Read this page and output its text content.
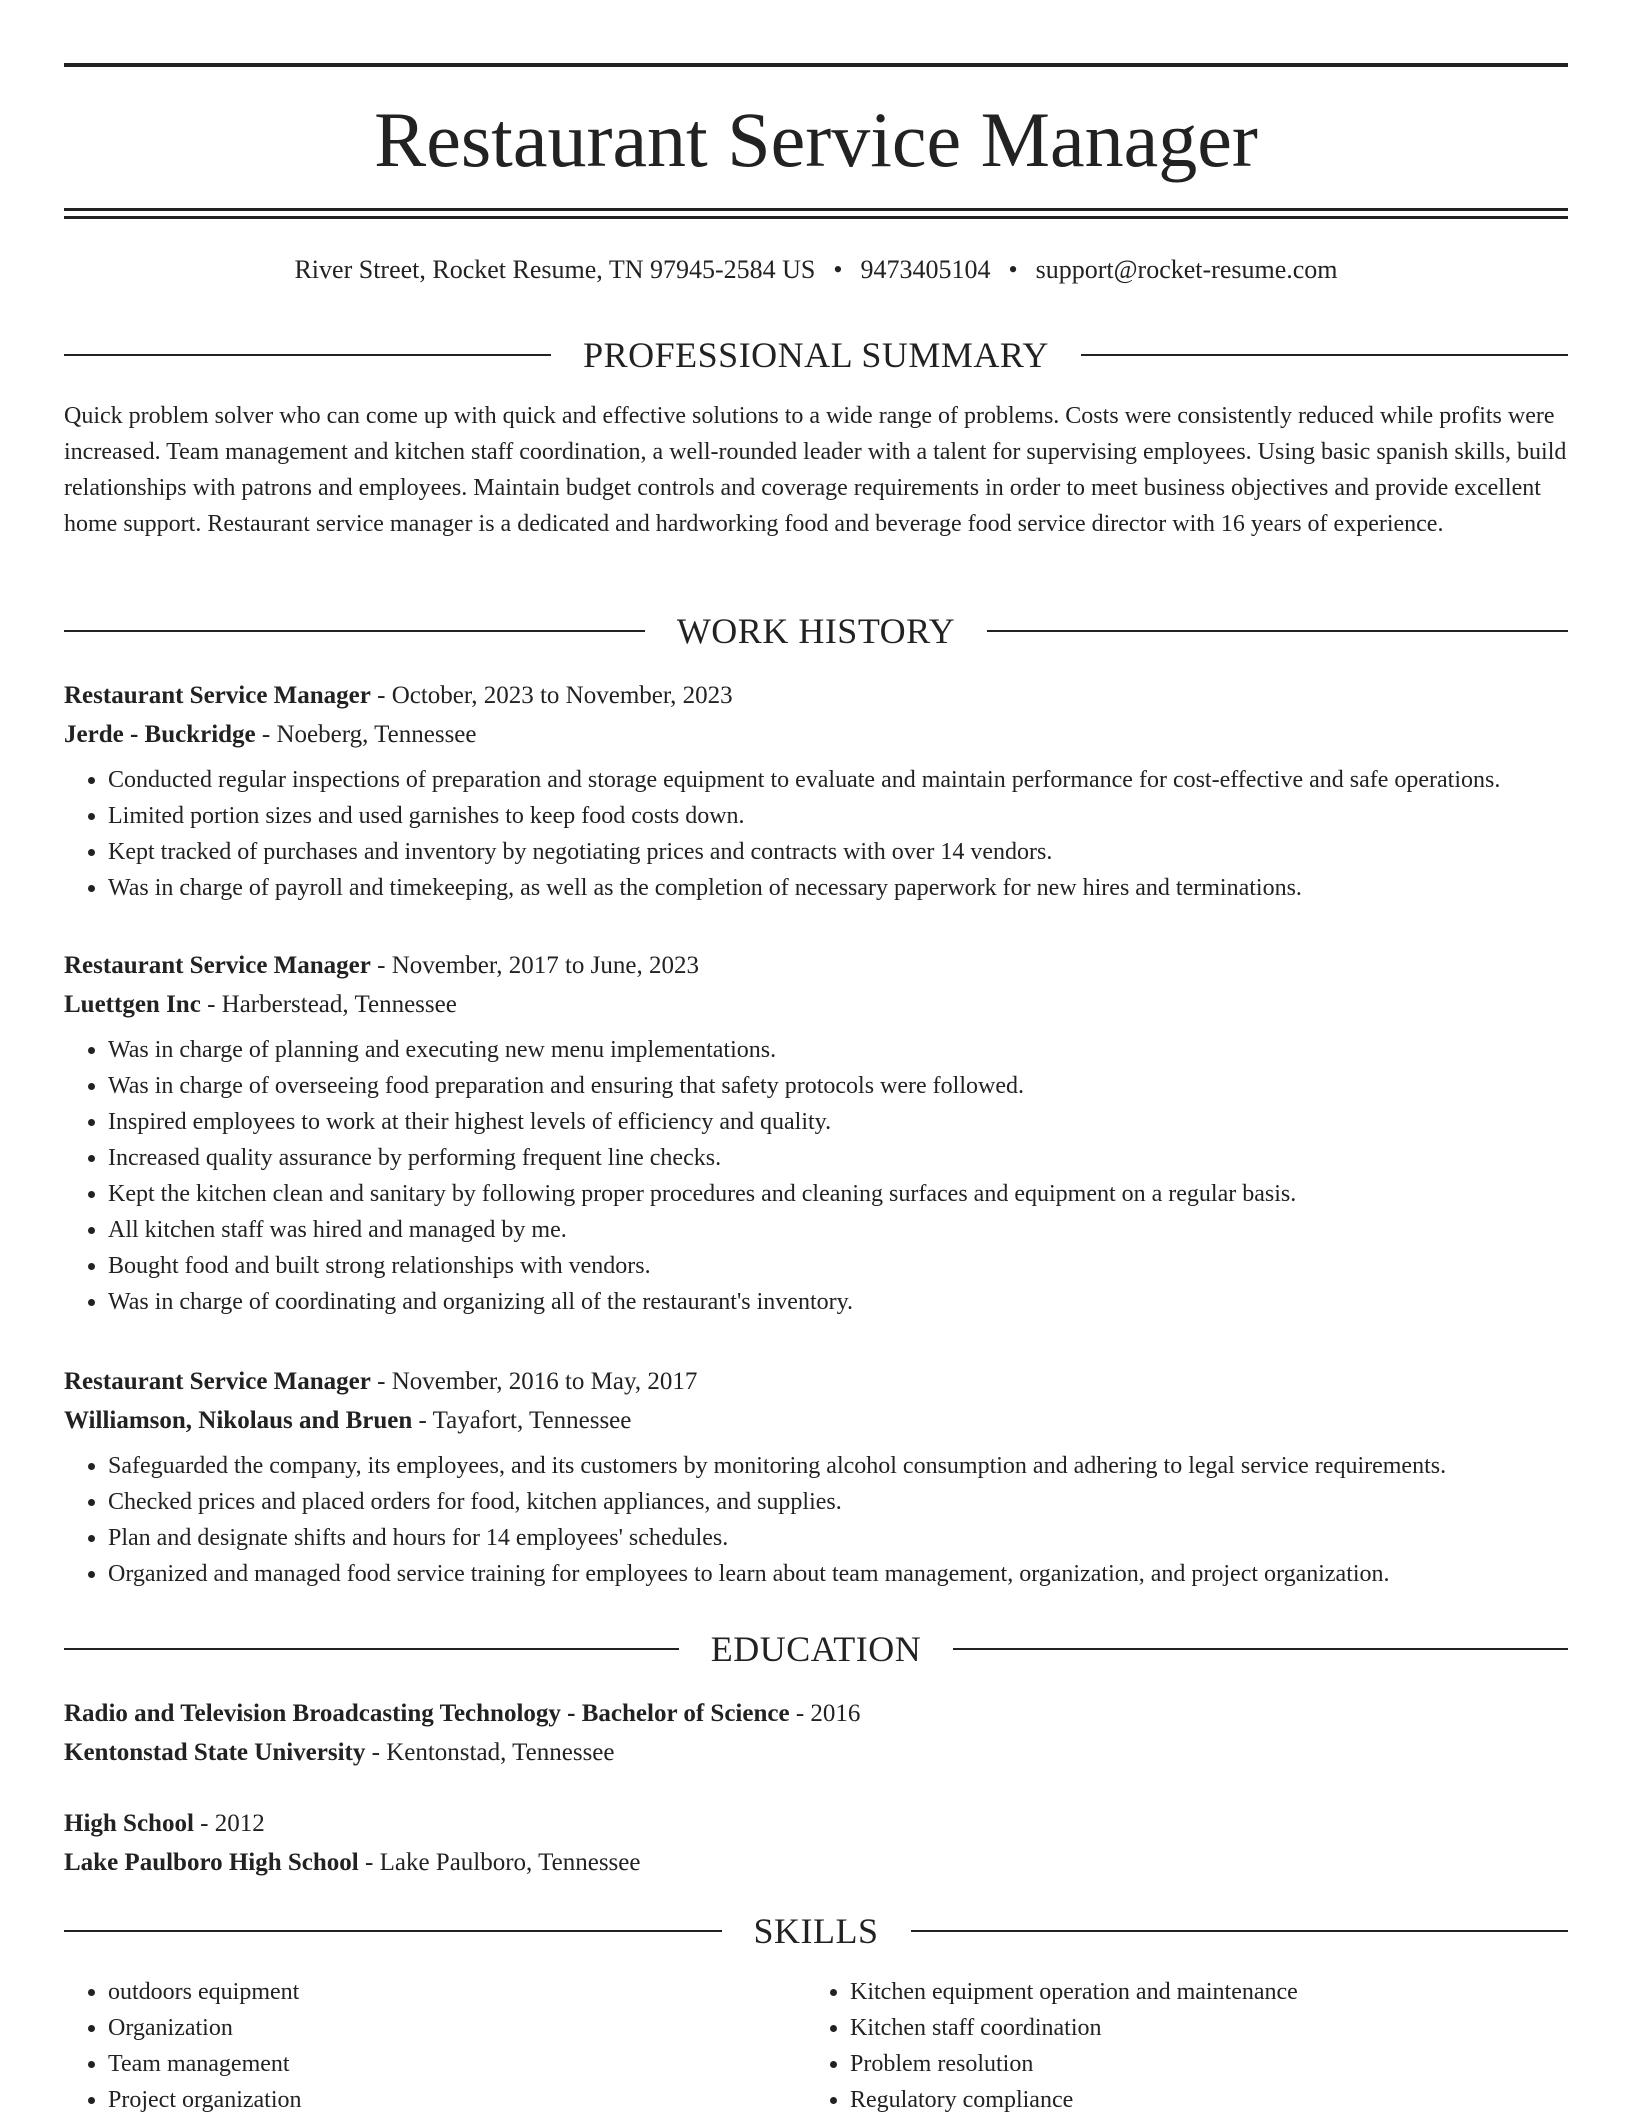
Restaurant Service Manager
River Street, Rocket Resume, TN 97945-2584 US • 9473405104 • support@rocket-resume.com
PROFESSIONAL SUMMARY

Quick problem solver who can come up with quick and effective solutions to a wide range of problems. Costs were consistently reduced while profits were increased. Team management and kitchen staff coordination, a well-rounded leader with a talent for supervising employees. Using basic spanish skills, build relationships with patrons and employees. Maintain budget controls and coverage requirements in order to meet business objectives and provide excellent home support. Restaurant service manager is a dedicated and hardworking food and beverage food service director with 16 years of experience.

WORK HISTORY

Restaurant Service Manager - October, 2023 to November, 2023

Jerde - Buckridge - Noeberg, Tennessee

• Conducted regular inspections of preparation and storage equipment to evaluate and maintain performance for cost-effective and safe operations.
• Limited portion sizes and used garnishes to keep food costs down.
• Kept tracked of purchases and inventory by negotiating prices and contracts with over 14 vendors.
• Was in charge of payroll and timekeeping, as well as the completion of necessary paperwork for new hires and terminations.

Restaurant Service Manager - November, 2017 to June, 2023

Luettgen Inc - Harberstead, Tennessee

• Was in charge of planning and executing new menu implementations.
• Was in charge of overseeing food preparation and ensuring that safety protocols were followed.
• Inspired employees to work at their highest levels of efficiency and quality.
• Increased quality assurance by performing frequent line checks.
• Kept the kitchen clean and sanitary by following proper procedures and cleaning surfaces and equipment on a regular basis.
• All kitchen staff was hired and managed by me.
• Bought food and built strong relationships with vendors.
• Was in charge of coordinating and organizing all of the restaurant's inventory.

Restaurant Service Manager - November, 2016 to May, 2017

Williamson, Nikolaus and Bruen - Tayafort, Tennessee

• Safeguarded the company, its employees, and its customers by monitoring alcohol consumption and adhering to legal service requirements.
• Checked prices and placed orders for food, kitchen appliances, and supplies.
• Plan and designate shifts and hours for 14 employees' schedules.
• Organized and managed food service training for employees to learn about team management, organization, and project organization.
EDUCATION

Radio and Television Broadcasting Technology - Bachelor of Science - 2016

Kentonstad State University - Kentonstad, Tennessee

High School - 2012

Lake Paulboro High School - Lake Paulboro, Tennessee

SKILLS
• outdoors equipment
• Organization
• Team management
• Project organization
• Kitchen equipment operation and maintenance
• Kitchen staff coordination
• Problem resolution
• Regulatory compliance
